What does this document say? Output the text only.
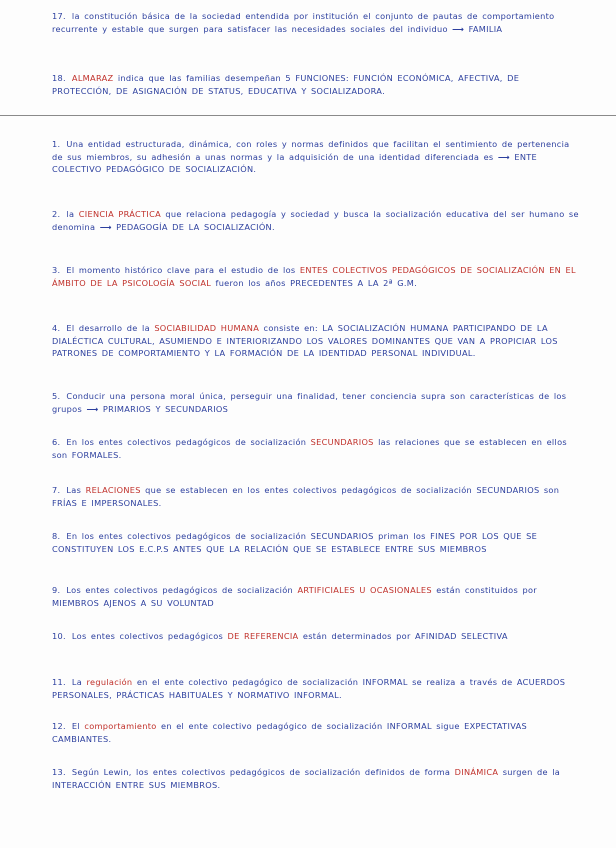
17. la constitución básica de la sociedad entendida por institución el conjunto de pautas de comportamiento recurrente y estable que surgen para satisfacer las necesidades sociales del individuo ⟶ FAMILIA
18. ALMARAZ indica que las familias desempeñan 5 FUNCIONES: FUNCIÓN ECONÓMICA, AFECTIVA, DE PROTECCIÓN, DE ASIGNACIÓN DE STATUS, EDUCATIVA Y SOCIALIZADORA.
1. Una entidad estructurada, dinámica, con roles y normas definidos que facilitan el sentimiento de pertenencia de sus miembros, su adhesión a unas normas y la adquisición de una identidad diferenciada es ⟶ ENTE COLECTIVO PEDAGÓGICO DE SOCIALIZACIÓN.
2. la CIENCIA PRÁCTICA que relaciona pedagogía y sociedad y busca la socialización educativa del ser humano se denomina ⟶ PEDAGOGÍA DE LA SOCIALIZACIÓN.
3. El momento histórico clave para el estudio de los ENTES COLECTIVOS PEDAGÓGICOS DE SOCIALIZACIÓN EN EL ÁMBITO DE LA PSICOLOGÍA SOCIAL fueron los años PRECEDENTES A LA 2ª G.M.
4. El desarrollo de la SOCIABILIDAD HUMANA consiste en: LA SOCIALIZACIÓN HUMANA PARTICIPANDO DE LA DIALÉCTICA CULTURAL, ASUMIENDO E INTERIORIZANDO LOS VALORES DOMINANTES QUE VAN A PROPICIAR LOS PATRONES DE COMPORTAMIENTO Y LA FORMACIÓN DE LA IDENTIDAD PERSONAL INDIVIDUAL.
5. Conducir una persona moral única, perseguir una finalidad, tener conciencia supra son características de los grupos ⟶ PRIMARIOS Y SECUNDARIOS
6. En los entes colectivos pedagógicos de socialización SECUNDARIOS las relaciones que se establecen en ellos son FORMALES.
7. Las RELACIONES que se establecen en los entes colectivos pedagógicos de socialización SECUNDARIOS son FRÍAS E IMPERSONALES.
8. En los entes colectivos pedagógicos de socialización SECUNDARIOS priman los FINES POR LOS QUE SE CONSTITUYEN LOS E.C.P.S ANTES QUE LA RELACIÓN QUE SE ESTABLECE ENTRE SUS MIEMBROS
9. Los entes colectivos pedagógicos de socialización ARTIFICIALES U OCASIONALES están constituidos por MIEMBROS AJENOS A SU VOLUNTAD
10. Los entes colectivos pedagógicos DE REFERENCIA están determinados por AFINIDAD SELECTIVA
11. La regulación en el ente colectivo pedagógico de socialización INFORMAL se realiza a través de ACUERDOS PERSONALES, PRÁCTICAS HABITUALES Y NORMATIVO INFORMAL.
12. El comportamiento en el ente colectivo pedagógico de socialización INFORMAL sigue EXPECTATIVAS CAMBIANTES.
13. Según Lewin, los entes colectivos pedagógicos de socialización definidos de forma DINÁMICA surgen de la INTERACCIÓN ENTRE SUS MIEMBROS.
